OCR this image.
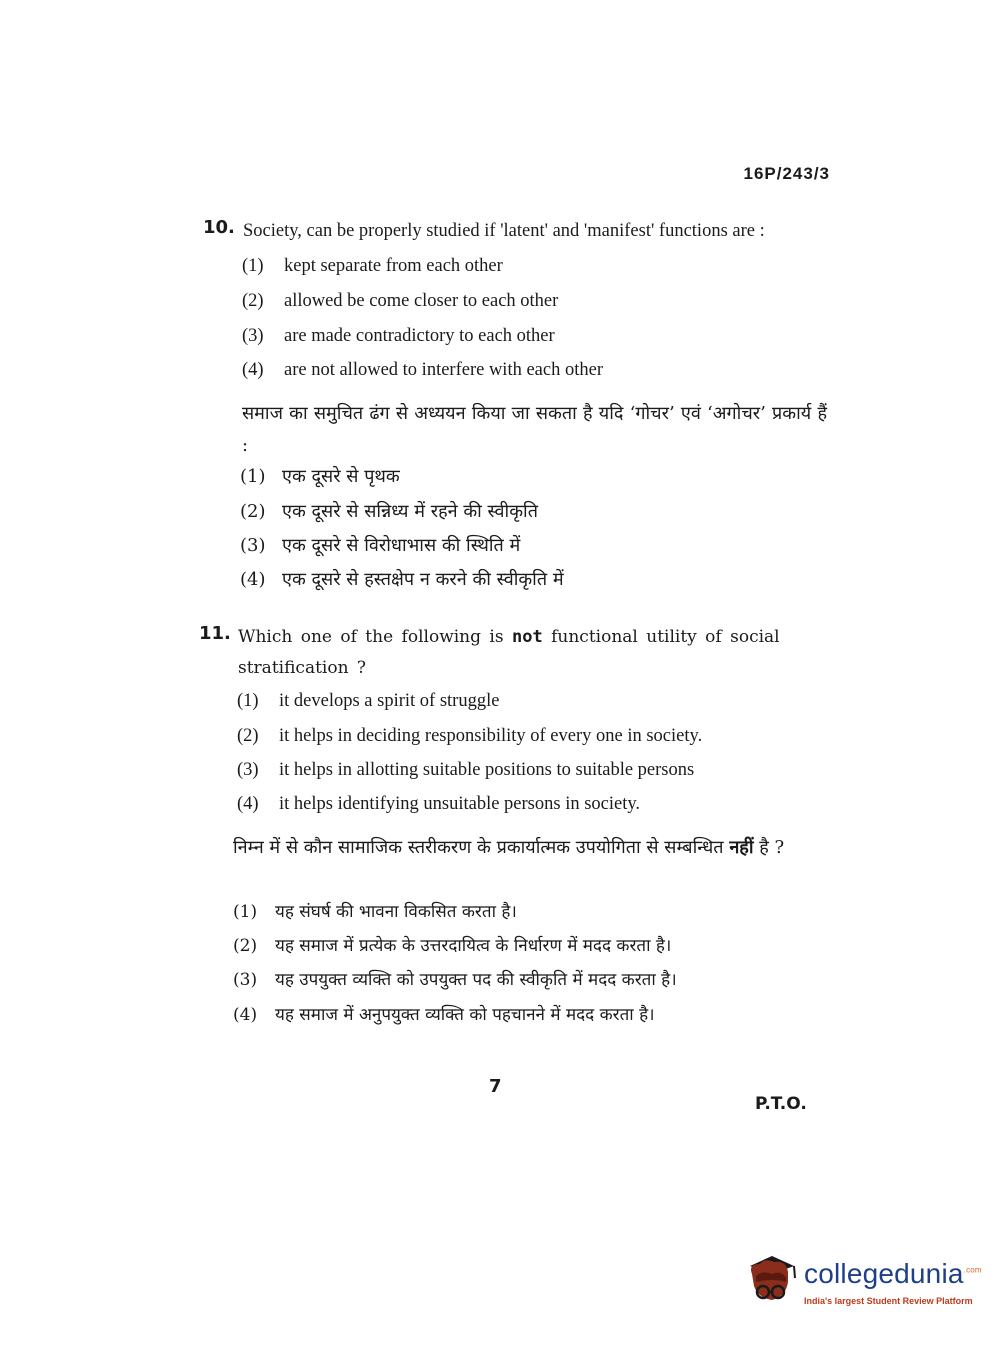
16P/243/3
10. Society, can be properly studied if 'latent' and 'manifest' functions are :
(1) kept separate from each other
(2) allowed be come closer to each other
(3) are made contradictory to each other
(4) are not allowed to interfere with each other
समाज का समुचित ढंग से अध्ययन किया जा सकता है यदि ‘गोचर’ एवं ‘अगोचर’ प्रकार्य हैं :
(1) एक दूसरे से पृथक
(2) एक दूसरे से सन्निध्य में रहने की स्वीकृति
(3) एक दूसरे से विरोधाभास की स्थिति में
(4) एक दूसरे से हस्तक्षेप न करने की स्वीकृति में
11. Which one of the following is not functional utility of social stratification ?
(1) it develops a spirit of struggle
(2) it helps in deciding responsibility of every one in society.
(3) it helps in allotting suitable positions to suitable persons
(4) it helps identifying unsuitable persons in society.
निम्न में से कौन सामाजिक स्तरीकरण के प्रकार्यात्मक उपयोगिता से सम्बन्धित नहीं है ?
(1) यह संघर्ष की भावना विकसित करता है।
(2) यह समाज में प्रत्येक के उत्तरदायित्व के निर्धारण में मदद करता है।
(3) यह उपयुक्त व्यक्ति को उपयुक्त पद की स्वीकृति में मदद करता है।
(4) यह समाज में अनुपयुक्त व्यक्ति को पहचानने में मदद करता है।
7
P.T.O.
collegedunia$^{.com}$
India's largest Student Review Platform
